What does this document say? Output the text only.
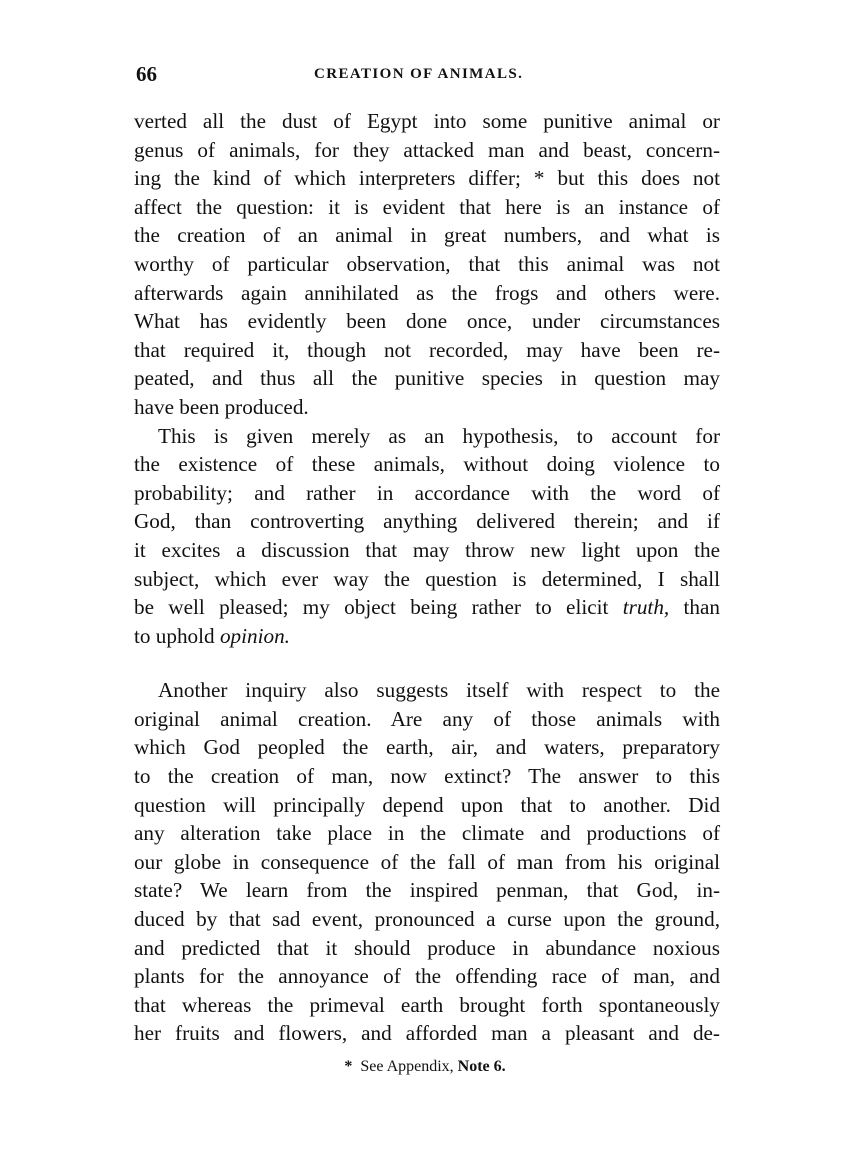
66	CREATION OF ANIMALS.
verted all the dust of Egypt into some punitive animal or
genus of animals, for they attacked man and beast, concern-
ing the kind of which interpreters differ; * but this does not
affect the question: it is evident that here is an instance of
the creation of an animal in great numbers, and what is
worthy of particular observation, that this animal was not
afterwards again annihilated as the frogs and others were.
What has evidently been done once, under circumstances
that required it, though not recorded, may have been re-
peated, and thus all the punitive species in question may
have been produced.
This is given merely as an hypothesis, to account for
the existence of these animals, without doing violence to
probability; and rather in accordance with the word of
God, than controverting anything delivered therein; and if
it excites a discussion that may throw new light upon the
subject, which ever way the question is determined, I shall
be well pleased; my object being rather to elicit truth, than
to uphold opinion.
Another inquiry also suggests itself with respect to the
original animal creation. Are any of those animals with
which God peopled the earth, air, and waters, preparatory
to the creation of man, now extinct? The answer to this
question will principally depend upon that to another. Did
any alteration take place in the climate and productions of
our globe in consequence of the fall of man from his original
state? We learn from the inspired penman, that God, in-
duced by that sad event, pronounced a curse upon the ground,
and predicted that it should produce in abundance noxious
plants for the annoyance of the offending race of man, and
that whereas the primeval earth brought forth spontaneously
her fruits and flowers, and afforded man a pleasant and de-
* See Appendix, Note 6.
